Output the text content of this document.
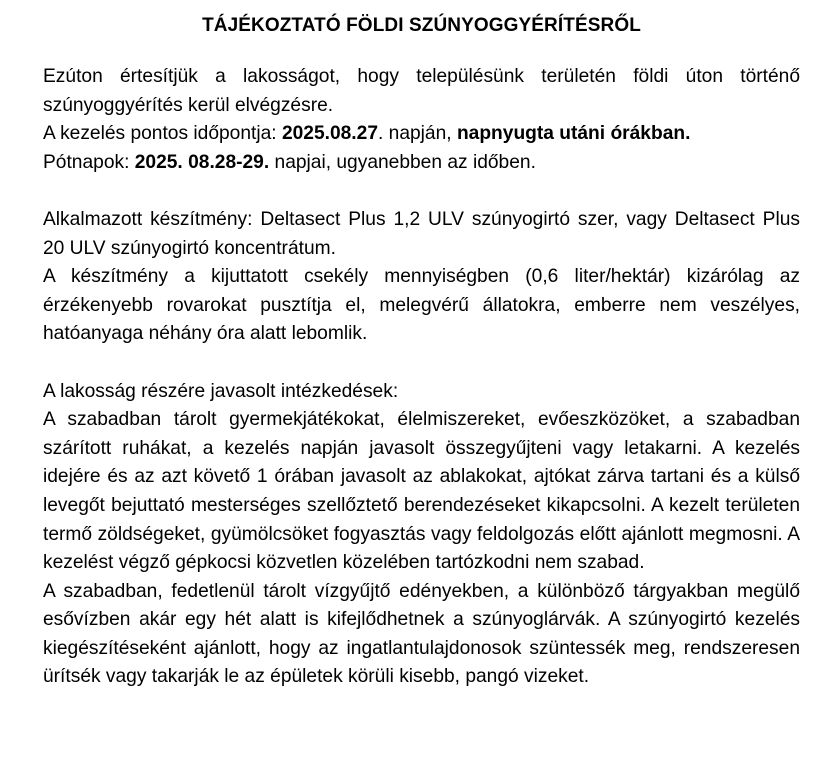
TÁJÉKOZTATÓ FÖLDI SZÚNYOGGYÉRÍTÉSRŐL

Ezúton értesítjük a lakosságot, hogy településünk területén földi úton történő szúnyoggyérítés kerül elvégzésre.

A kezelés pontos időpontja: 2025.08.27. napján, napnyugta utáni órákban.

Pótnapok: 2025. 08.28-29. napjai, ugyanebben az időben.

Alkalmazott készítmény: Deltasect Plus 1,2 ULV szúnyogirtó szer, vagy Deltasect Plus 20 ULV szúnyogirtó koncentrátum.

A készítmény a kijuttatott csekély mennyiségben (0,6 liter/hektár) kizárólag az érzékenyebb rovarokat pusztítja el, melegvérű állatokra, emberre nem veszélyes, hatóanyaga néhány óra alatt lebomlik.

A lakosság részére javasolt intézkedések:

A szabadban tárolt gyermekjátékokat, élelmiszereket, evőeszközöket, a szabadban szárított ruhákat, a kezelés napján javasolt összegyűjteni vagy letakarni. A kezelés idejére és az azt követő 1 órában javasolt az ablakokat, ajtókat zárva tartani és a külső levegőt bejuttató mesterséges szellőztető berendezéseket kikapcsolni. A kezelt területen termő zöldségeket, gyümölcsöket fogyasztás vagy feldolgozás előtt ajánlott megmosni. A kezelést végző gépkocsi közvetlen közelében tartózkodni nem szabad.

A szabadban, fedetlenül tárolt vízgyűjtő edényekben, a különböző tárgyakban megülő esővízben akár egy hét alatt is kifejlődhetnek a szúnyoglárvák. A szúnyogirtó kezelés kiegészítéseként ajánlott, hogy az ingatlantulajdonosok szüntessék meg, rendszeresen ürítsék vagy takarják le az épületek körüli kisebb, pangó vizeket.
